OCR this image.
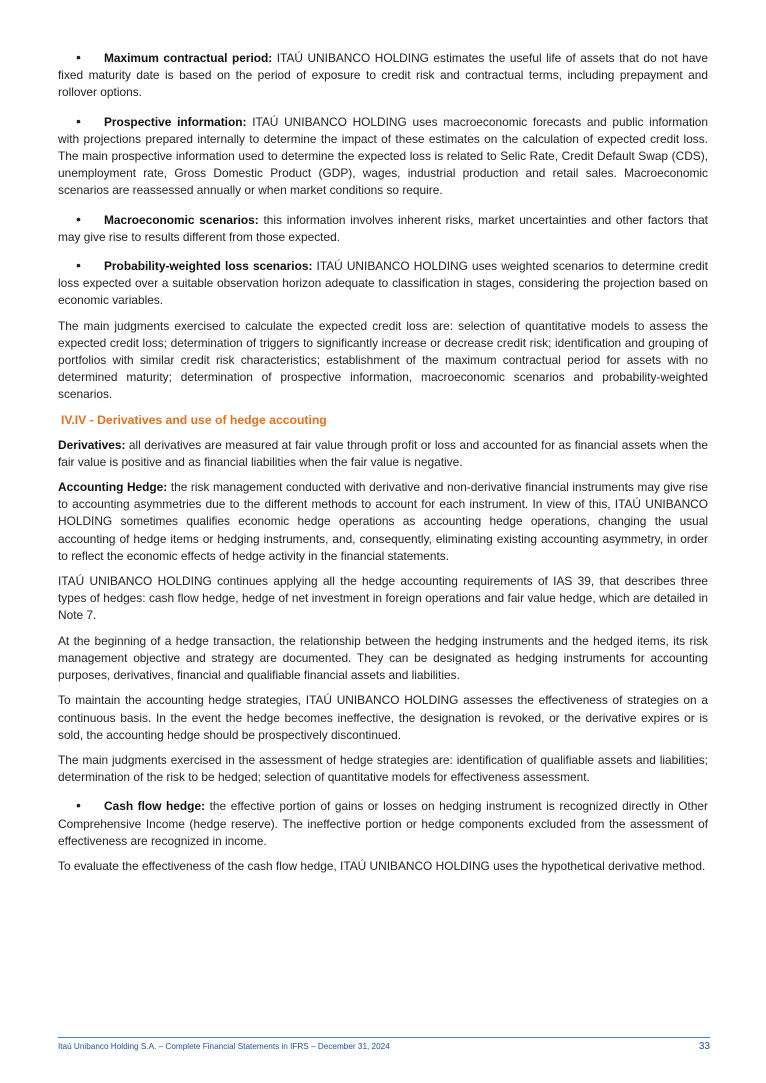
•	Maximum contractual period: ITAÚ UNIBANCO HOLDING estimates the useful life of assets that do not have fixed maturity date is based on the period of exposure to credit risk and contractual terms, including prepayment and rollover options.

•	Prospective information: ITAÚ UNIBANCO HOLDING uses macroeconomic forecasts and public information with projections prepared internally to determine the impact of these estimates on the calculation of expected credit loss. The main prospective information used to determine the expected loss is related to Selic Rate, Credit Default Swap (CDS), unemployment rate, Gross Domestic Product (GDP), wages, industrial production and retail sales. Macroeconomic scenarios are reassessed annually or when market conditions so require.

•	Macroeconomic scenarios: this information involves inherent risks, market uncertainties and other factors that may give rise to results different from those expected.

•	Probability-weighted loss scenarios: ITAÚ UNIBANCO HOLDING uses weighted scenarios to determine credit loss expected over a suitable observation horizon adequate to classification in stages, considering the projection based on economic variables.

The main judgments exercised to calculate the expected credit loss are: selection of quantitative models to assess the expected credit loss; determination of triggers to significantly increase or decrease credit risk; identification and grouping of portfolios with similar credit risk characteristics; establishment of the maximum contractual period for assets with no determined maturity; determination of prospective information, macroeconomic scenarios and probability-weighted scenarios.

IV.IV - Derivatives and use of hedge accouting

Derivatives: all derivatives are measured at fair value through profit or loss and accounted for as financial assets when the fair value is positive and as financial liabilities when the fair value is negative.

Accounting Hedge: the risk management conducted with derivative and non-derivative financial instruments may give rise to accounting asymmetries due to the different methods to account for each instrument. In view of this, ITAÚ UNIBANCO HOLDING sometimes qualifies economic hedge operations as accounting hedge operations, changing the usual accounting of hedge items or hedging instruments, and, consequently, eliminating existing accounting asymmetry, in order to reflect the economic effects of hedge activity in the financial statements.

ITAÚ UNIBANCO HOLDING continues applying all the hedge accounting requirements of IAS 39, that describes three types of hedges: cash flow hedge, hedge of net investment in foreign operations and fair value hedge, which are detailed in Note 7.

At the beginning of a hedge transaction, the relationship between the hedging instruments and the hedged items, its risk management objective and strategy are documented. They can be designated as hedging instruments for accounting purposes, derivatives, financial and qualifiable financial assets and liabilities.

To maintain the accounting hedge strategies, ITAÚ UNIBANCO HOLDING assesses the effectiveness of strategies on a continuous basis. In the event the hedge becomes ineffective, the designation is revoked, or the derivative expires or is sold, the accounting hedge should be prospectively discontinued.

The main judgments exercised in the assessment of hedge strategies are: identification of qualifiable assets and liabilities; determination of the risk to be hedged; selection of quantitative models for effectiveness assessment.

•	Cash flow hedge: the effective portion of gains or losses on hedging instrument is recognized directly in Other Comprehensive Income (hedge reserve). The ineffective portion or hedge components excluded from the assessment of effectiveness are recognized in income.

To evaluate the effectiveness of the cash flow hedge, ITAÚ UNIBANCO HOLDING uses the hypothetical derivative method.

Itaú Unibanco Holding S.A. – Complete Financial Statements in IFRS – December 31, 2024	33
